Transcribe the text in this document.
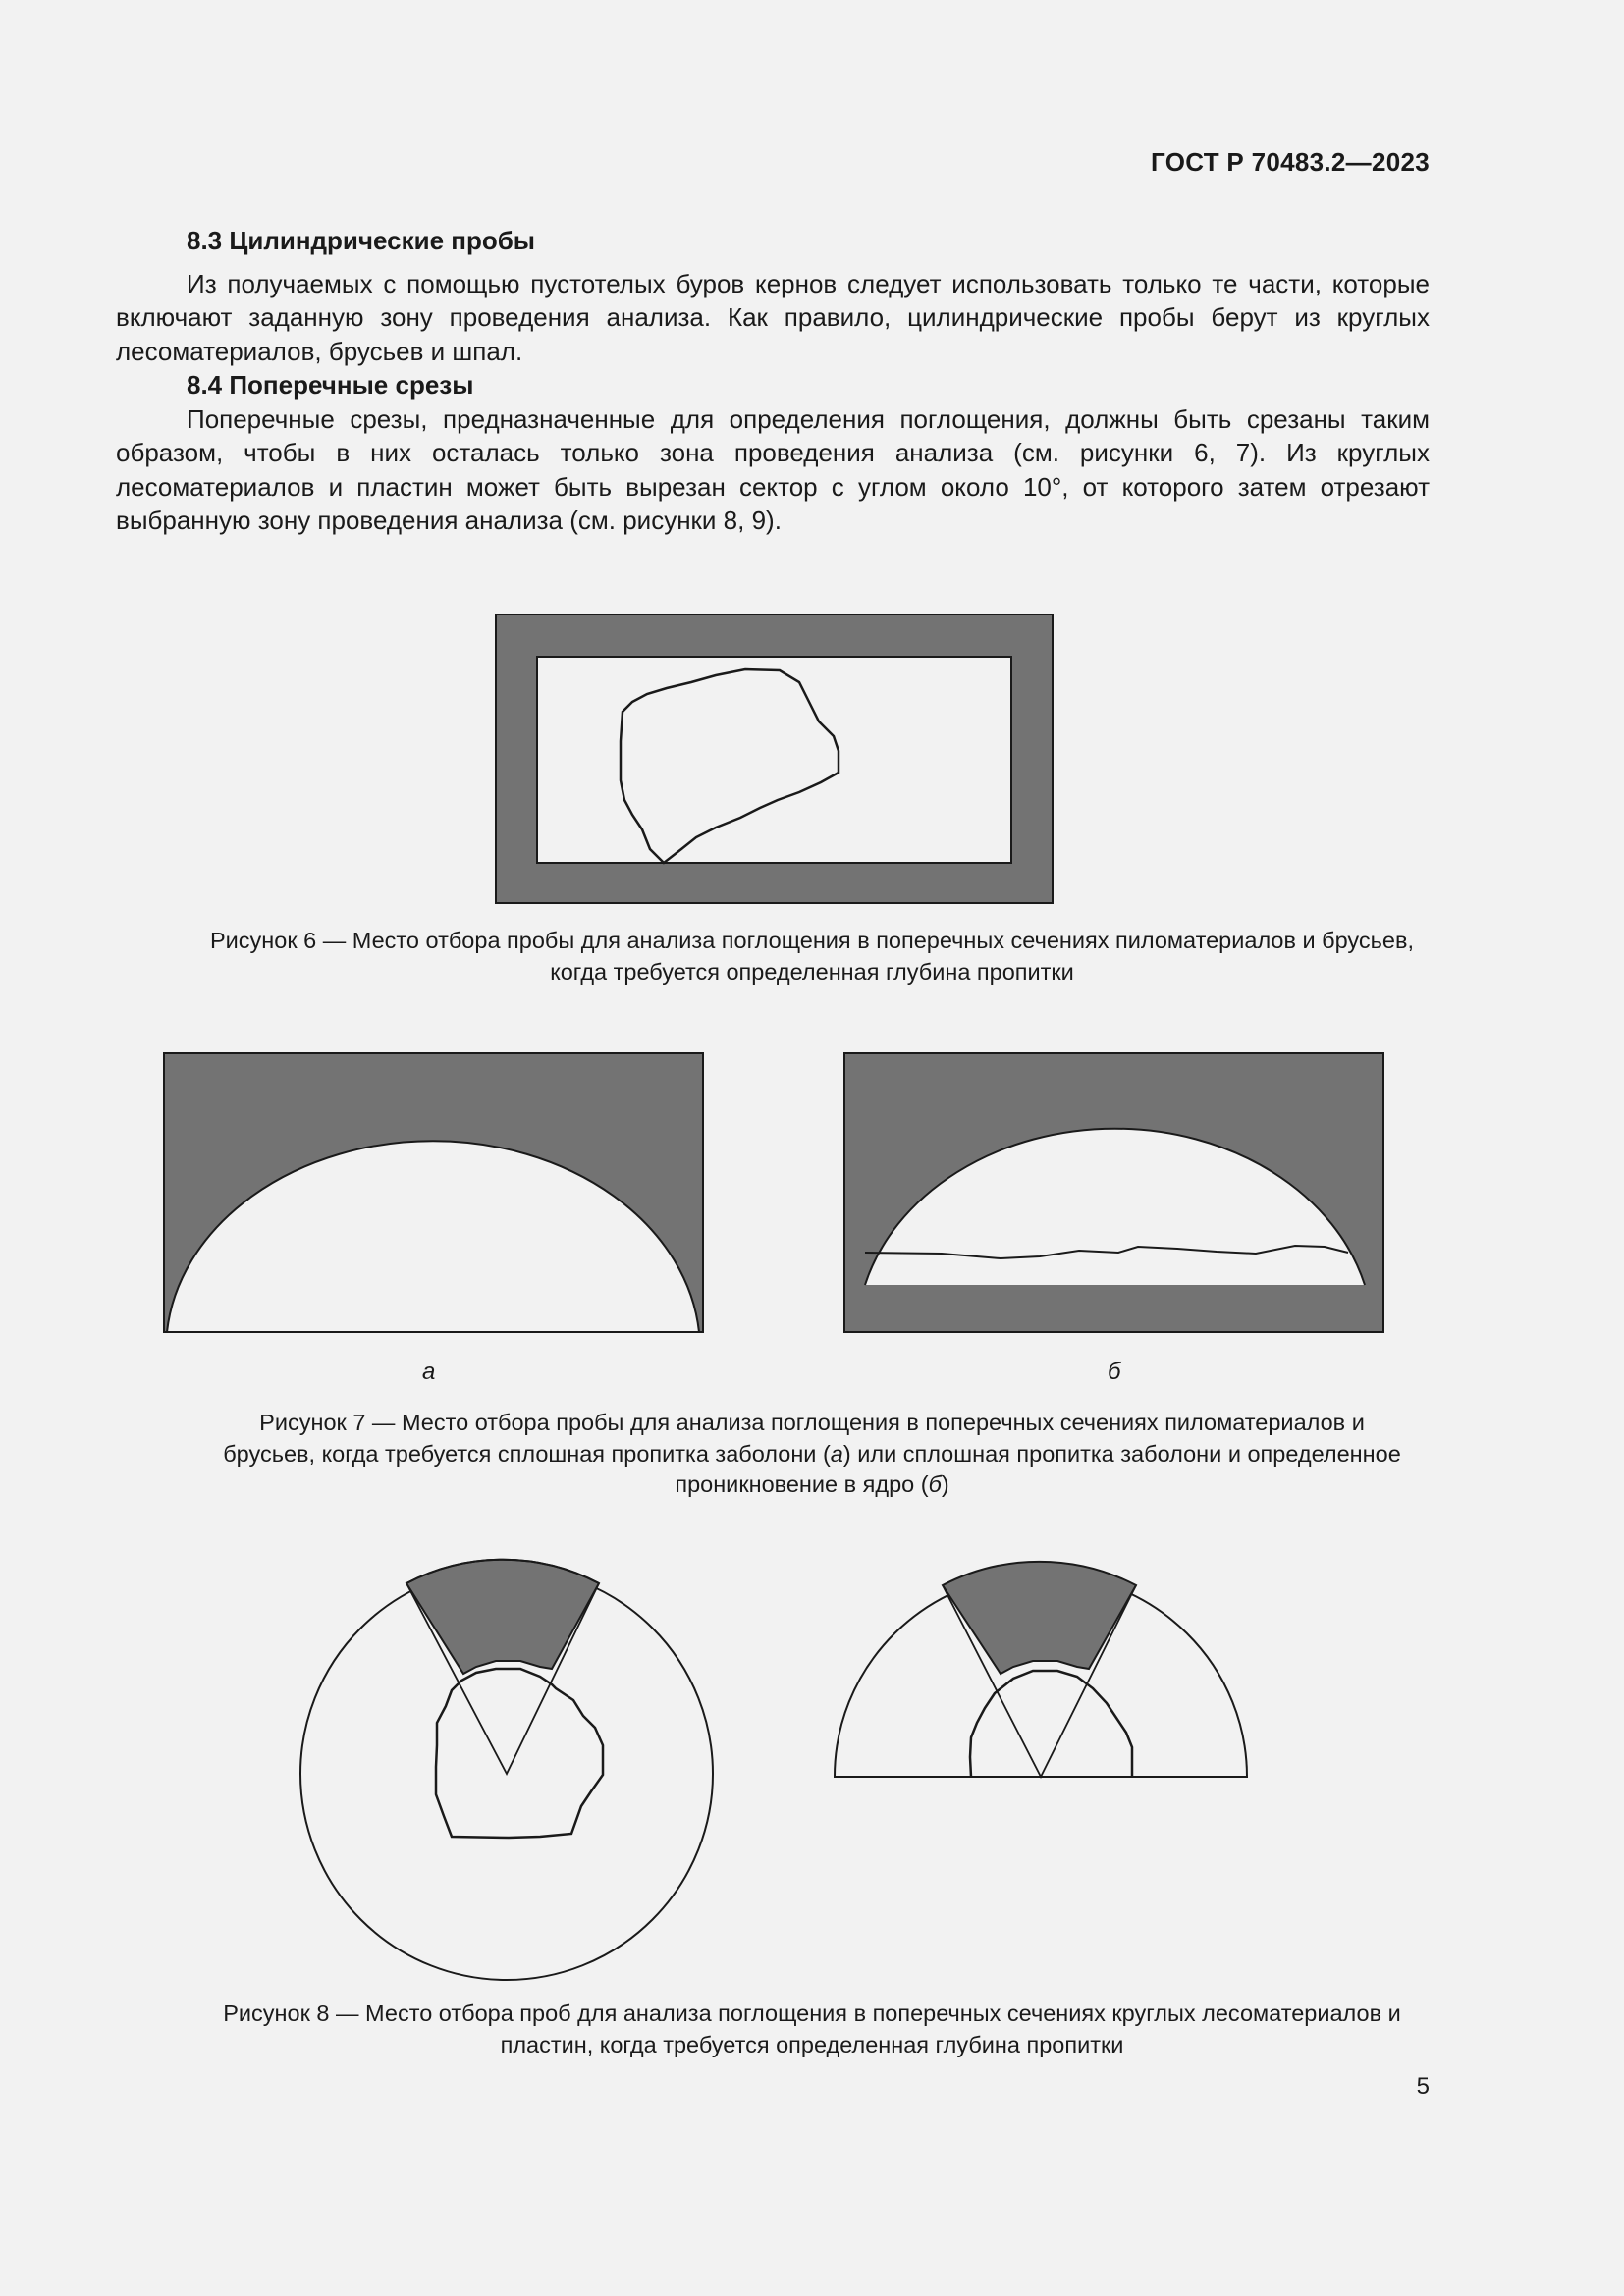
ГОСТ Р 70483.2—2023

8.3 Цилиндрические пробы

Из получаемых с помощью пустотелых буров кернов следует использовать только те части, которые включают заданную зону проведения анализа. Как правило, цилиндрические пробы берут из круглых лесоматериалов, брусьев и шпал.

8.4 Поперечные срезы

Поперечные срезы, предназначенные для определения поглощения, должны быть срезаны таким образом, чтобы в них осталась только зона проведения анализа (см. рисунки 6, 7). Из круглых лесоматериалов и пластин может быть вырезан сектор с углом около 10°, от которого затем отрезают выбранную зону проведения анализа (см. рисунки 8, 9).

Рисунок 6 — Место отбора пробы для анализа поглощения в поперечных сечениях пиломатериалов и брусьев,
когда требуется определенная глубина пропитки
а	б
Рисунок 7 — Место отбора пробы для анализа поглощения в поперечных сечениях пиломатериалов и
брусьев, когда требуется сплошная пропитка заболони (а) или сплошная пропитка заболони и определенное
проникновение в ядро (б)
Рисунок 8 — Место отбора проб для анализа поглощения в поперечных сечениях круглых лесоматериалов и
пластин, когда требуется определенная глубина пропитки
5
